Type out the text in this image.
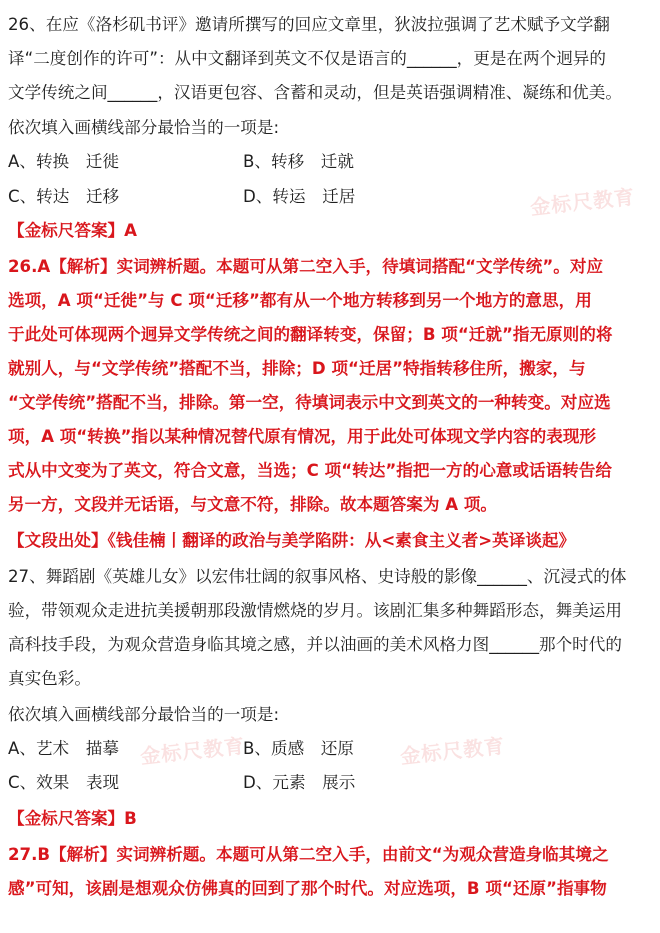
金标尺教育
金标尺教育	金标尺教育
26、在应《洛杉矶书评》邀请所撰写的回应文章里，狄波拉强调了艺术赋予文学翻
译“二度创作的许可”：从中文翻译到英文不仅是语言的______，更是在两个迥异的
文学传统之间______，汉语更包容、含蓄和灵动，但是英语强调精准、凝练和优美。
依次填入画横线部分最恰当的一项是:
A、转换　迁徙	B、转移　迁就
C、转达　迁移	D、转运　迁居
【金标尺答案】A
26.A【解析】实词辨析题。本题可从第二空入手，待填词搭配“文学传统”。对应
选项，A 项“迁徙”与 C 项“迁移”都有从一个地方转移到另一个地方的意思，用
于此处可体现两个迥异文学传统之间的翻译转变，保留；B 项“迁就”指无原则的将
就别人，与“文学传统”搭配不当，排除；D 项“迁居”特指转移住所，搬家，与
“文学传统”搭配不当，排除。第一空，待填词表示中文到英文的一种转变。对应选
项，A 项“转换”指以某种情况替代原有情况，用于此处可体现文学内容的表现形
式从中文变为了英文，符合文意，当选；C 项“转达”指把一方的心意或话语转告给
另一方，文段并无话语，与文意不符，排除。故本题答案为 A 项。
【文段出处】《钱佳楠丨翻译的政治与美学陷阱：从<素食主义者>英译谈起》
27、舞蹈剧《英雄儿女》以宏伟壮阔的叙事风格、史诗般的影像______、沉浸式的体
验，带领观众走进抗美援朝那段激情燃烧的岁月。该剧汇集多种舞蹈形态，舞美运用
高科技手段，为观众营造身临其境之感，并以油画的美术风格力图______那个时代的
真实色彩。
依次填入画横线部分最恰当的一项是:
A、艺术　描摹	B、质感　还原
C、效果　表现	D、元素　展示
【金标尺答案】B
27.B【解析】实词辨析题。本题可从第二空入手，由前文“为观众营造身临其境之
感”可知，该剧是想观众仿佛真的回到了那个时代。对应选项，B 项“还原”指事物
